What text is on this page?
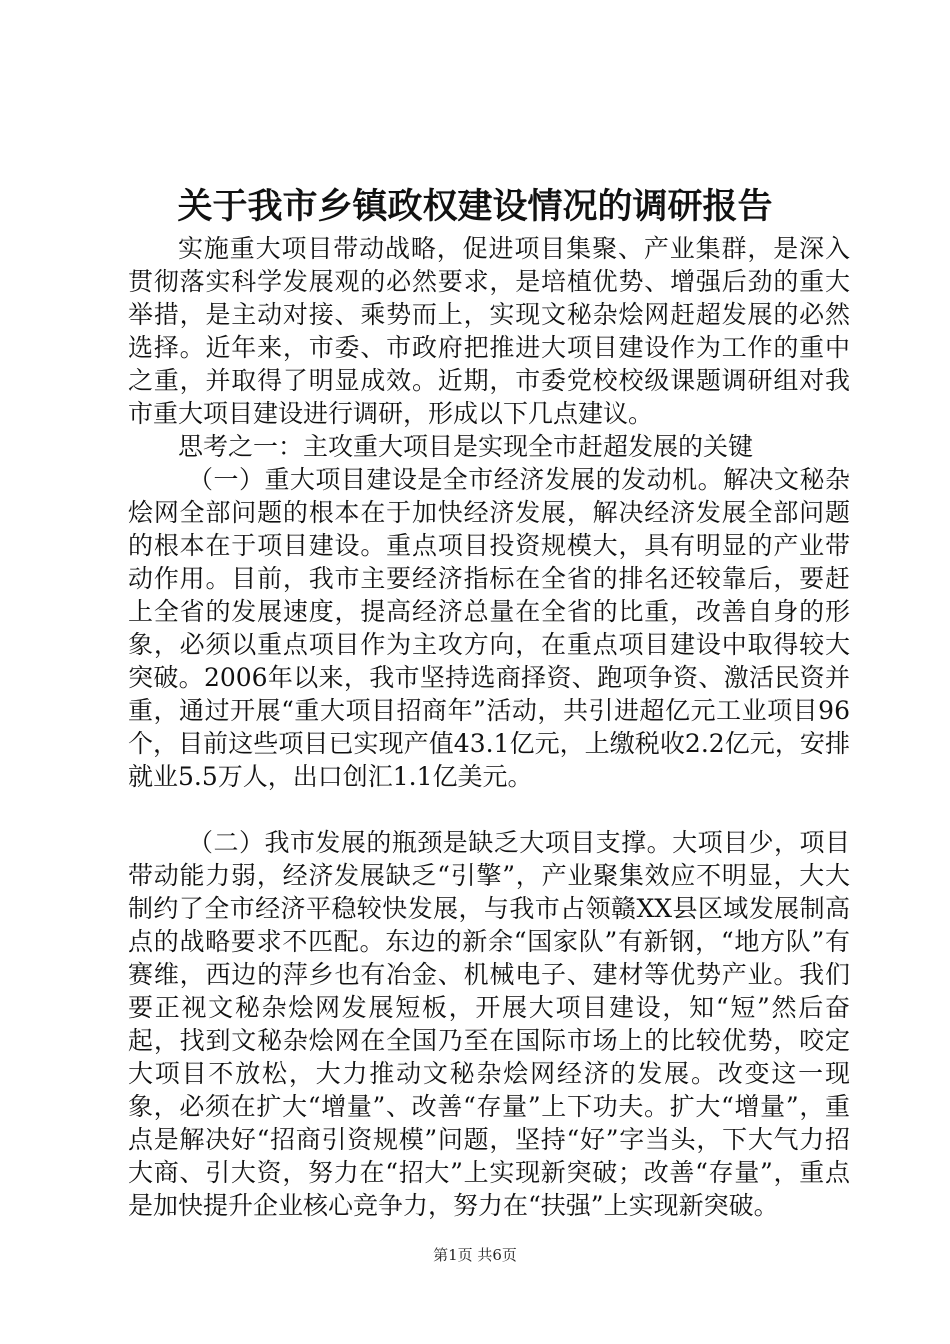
关于我市乡镇政权建设情况的调研报告

实施重大项目带动战略，促进项目集聚、产业集群，是深入贯彻落实科学发展观的必然要求，是培植优势、增强后劲的重大举措，是主动对接、乘势而上，实现文秘杂烩网赶超发展的必然选择。近年来，市委、市政府把推进大项目建设作为工作的重中之重，并取得了明显成效。近期，市委党校校级课题调研组对我市重大项目建设进行调研，形成以下几点建议。

思考之一：主攻重大项目是实现全市赶超发展的关键

（一）重大项目建设是全市经济发展的发动机。解决文秘杂烩网全部问题的根本在于加快经济发展，解决经济发展全部问题的根本在于项目建设。重点项目投资规模大，具有明显的产业带动作用。目前，我市主要经济指标在全省的排名还较靠后，要赶上全省的发展速度，提高经济总量在全省的比重，改善自身的形象，必须以重点项目作为主攻方向，在重点项目建设中取得较大突破。2006年以来，我市坚持选商择资、跑项争资、激活民资并重，通过开展“重大项目招商年”活动，共引进超亿元工业项目96个，目前这些项目已实现产值43.1亿元，上缴税收2.2亿元，安排就业5.5万人，出口创汇1.1亿美元。

（二）我市发展的瓶颈是缺乏大项目支撑。大项目少，项目带动能力弱，经济发展缺乏“引擎”，产业聚集效应不明显，大大制约了全市经济平稳较快发展，与我市占领赣XX县区域发展制高点的战略要求不匹配。东边的新余“国家队”有新钢，“地方队”有赛维，西边的萍乡也有冶金、机械电子、建材等优势产业。我们要正视文秘杂烩网发展短板，开展大项目建设，知“短”然后奋起，找到文秘杂烩网在全国乃至在国际市场上的比较优势，咬定大项目不放松，大力推动文秘杂烩网经济的发展。改变这一现象，必须在扩大“增量”、改善“存量”上下功夫。扩大“增量”，重点是解决好“招商引资规模”问题，坚持“好”字当头，下大气力招大商、引大资，努力在“招大”上实现新突破；改善“存量”，重点是加快提升企业核心竞争力，努力在“扶强”上实现新突破。

第1页 共6页
